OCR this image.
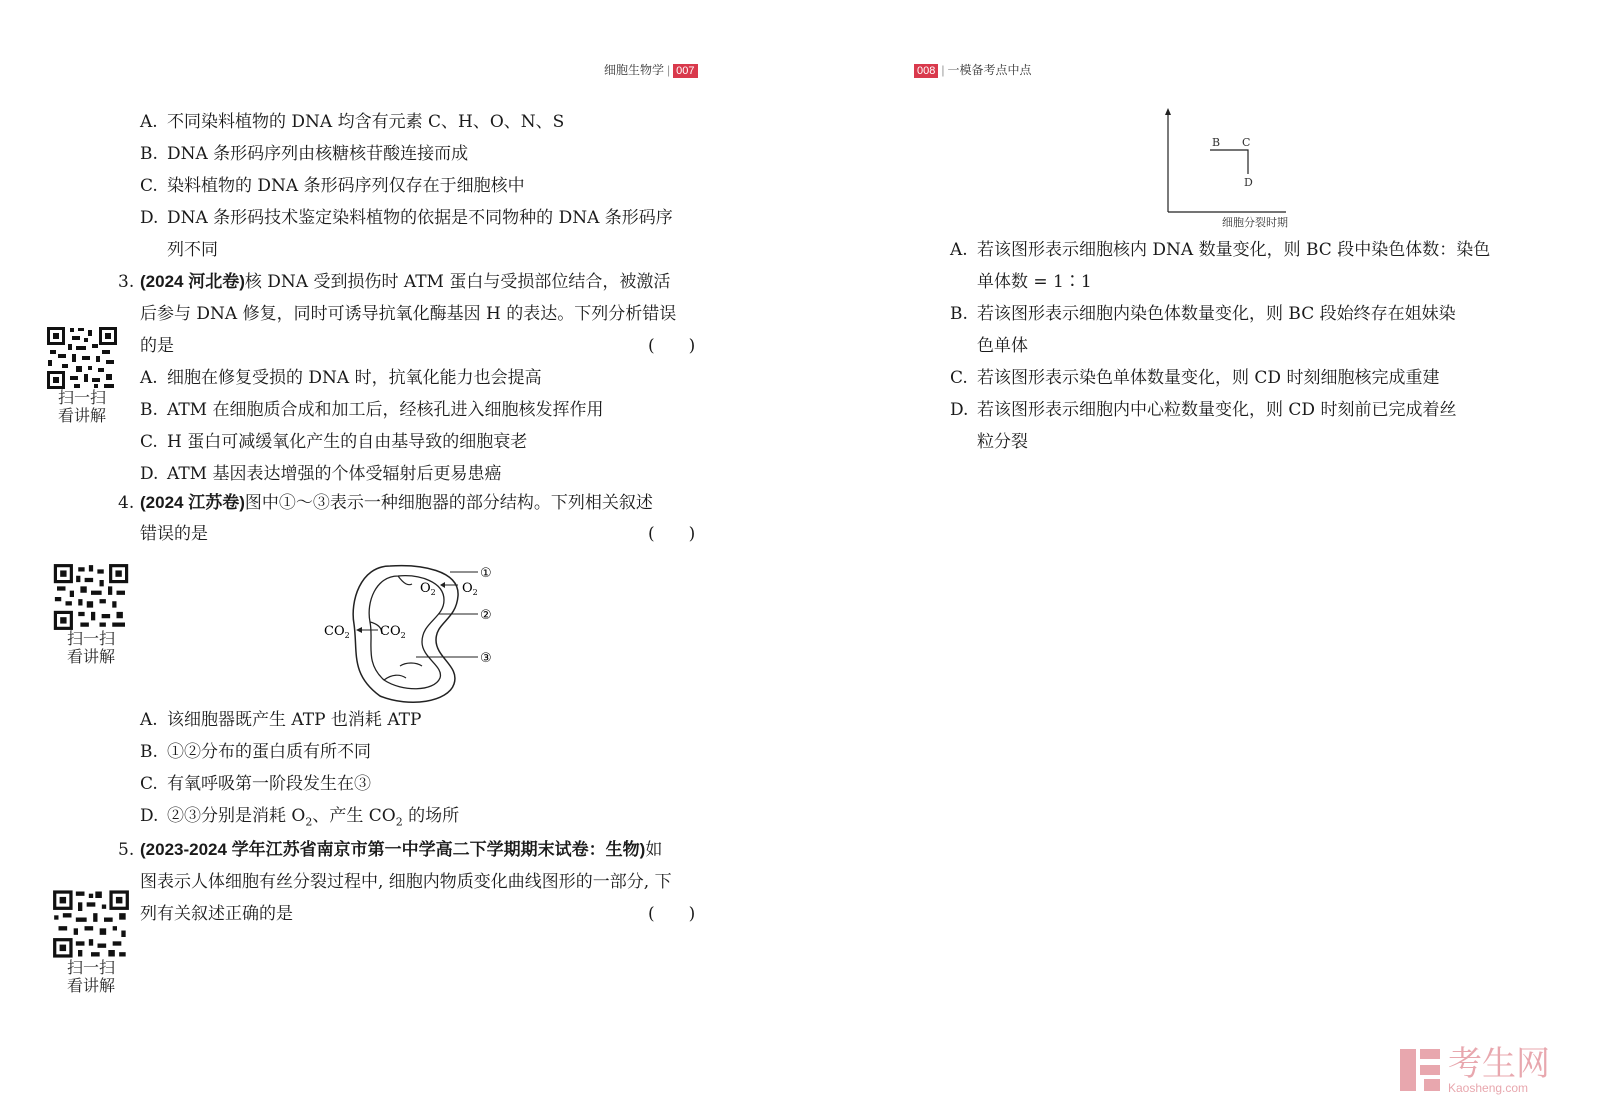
细胞生物学 | 007	008 | 一模备考点中点
A. 不同染料植物的 DNA 均含有元素 C、H、O、N、S
B. DNA 条形码序列由核糖核苷酸连接而成
C. 染料植物的 DNA 条形码序列仅存在于细胞核中
D. DNA 条形码技术鉴定染料植物的依据是不同物种的 DNA 条形码序
列不同
3. (2024 河北卷)核 DNA 受到损伤时 ATM 蛋白与受损部位结合，被激活
后参与 DNA 修复，同时可诱导抗氧化酶基因 H 的表达。下列分析错误
的是	(　　)
A. 细胞在修复受损的 DNA 时，抗氧化能力也会提高
B. ATM 在细胞质合成和加工后，经核孔进入细胞核发挥作用
C. H 蛋白可减缓氧化产生的自由基导致的细胞衰老
D. ATM 基因表达增强的个体受辐射后更易患癌
扫一扫
看讲解
4. (2024 江苏卷)图中①～③表示一种细胞器的部分结构。下列相关叙述
错误的是	(　　)
扫一扫
看讲解
$O_2$ $O_2$
$CO_2$ $CO_2$
①
②
③
A. 该细胞器既产生 ATP 也消耗 ATP
B. ①②分布的蛋白质有所不同
C. 有氧呼吸第一阶段发生在③
D. ②③分别是消耗 $O_2$、产生 $CO_2$ 的场所
5. (2023-2024 学年江苏省南京市第一中学高二下学期期末试卷：生物)如
图表示人体细胞有丝分裂过程中, 细胞内物质变化曲线图形的一部分, 下
列有关叙述正确的是	(　　)
扫一扫
看讲解
B C
D
细胞分裂时期
A. 若该图形表示细胞核内 DNA 数量变化，则 BC 段中染色体数：染色
单体数 = 1∶1
B. 若该图形表示细胞内染色体数量变化，则 BC 段始终存在姐妹染
色单体
C. 若该图形表示染色单体数量变化，则 CD 时刻细胞核完成重建
D. 若该图形表示细胞内中心粒数量变化，则 CD 时刻前已完成着丝
粒分裂
考生网
Kaosheng.com
